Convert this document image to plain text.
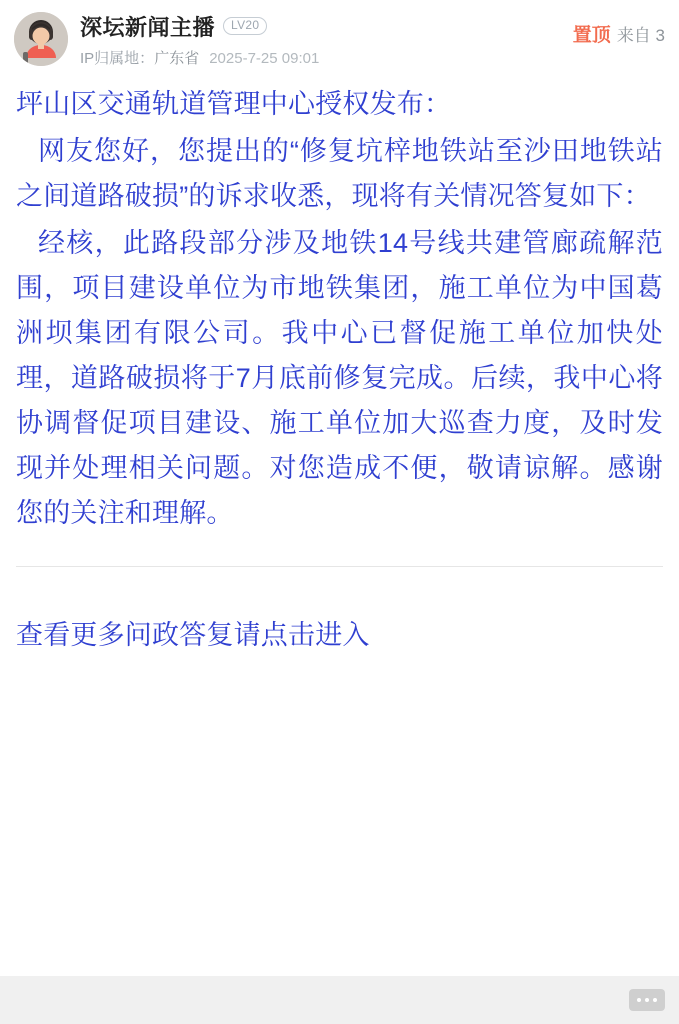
深坛新闻主播	LV20
IP归属地：广东省 2025-7-25 09:01
置顶 来自 3

坪山区交通轨道管理中心授权发布：

网友您好，您提出的“修复坑梓地铁站至沙田地铁站之间道路破损”的诉求收悉，现将有关情况答复如下：

经核，此路段部分涉及地铁14号线共建管廊疏解范围，项目建设单位为市地铁集团，施工单位为中国葛洲坝集团有限公司。我中心已督促施工单位加快处理，道路破损将于7月底前修复完成。后续，我中心将协调督促项目建设、施工单位加大巡查力度，及时发现并处理相关问题。对您造成不便，敬请谅解。感谢您的关注和理解。

查看更多问政答复请点击进入
